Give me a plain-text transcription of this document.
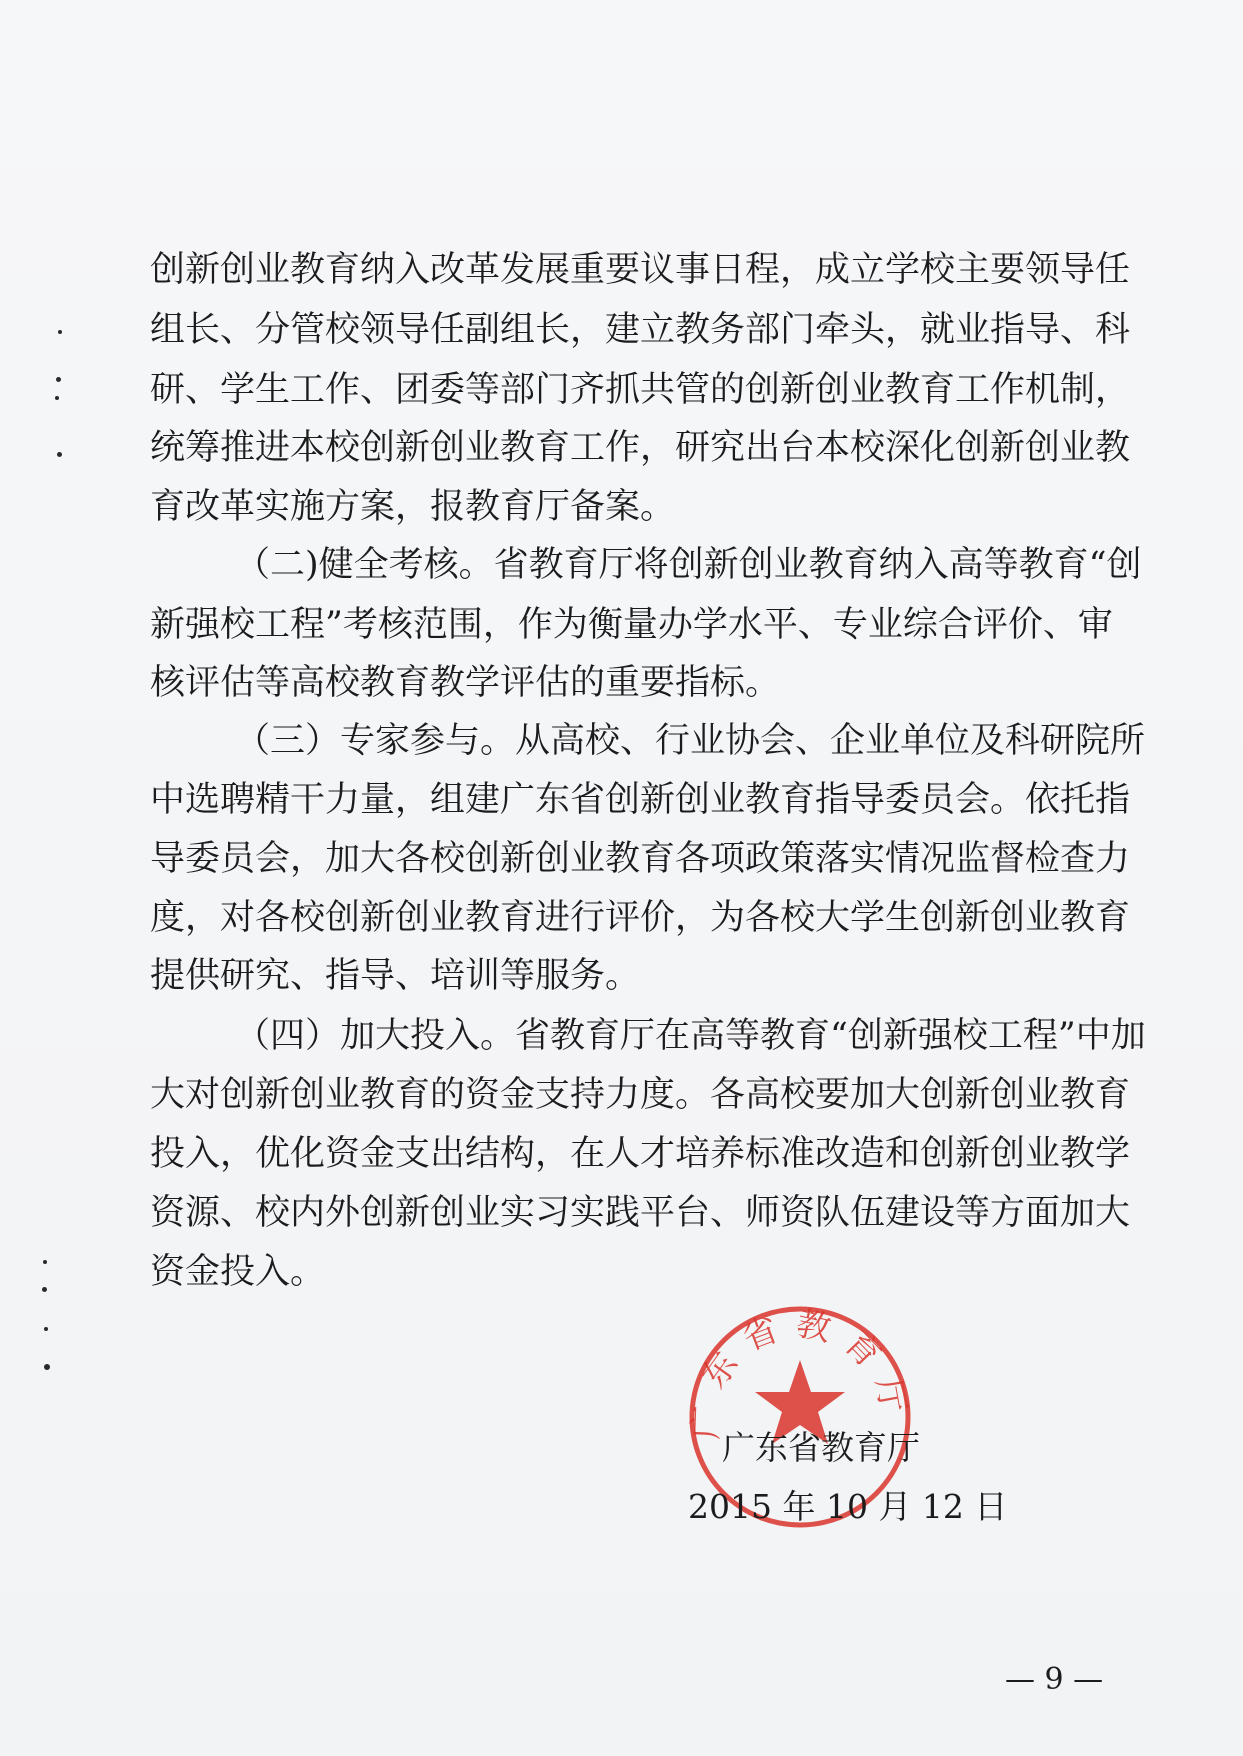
创新创业教育纳入改革发展重要议事日程，成立学校主要领导任
组长、分管校领导任副组长，建立教务部门牵头，就业指导、科
研、学生工作、团委等部门齐抓共管的创新创业教育工作机制，
统筹推进本校创新创业教育工作，研究出台本校深化创新创业教
育改革实施方案，报教育厅备案。
（二)健全考核。省教育厅将创新创业教育纳入高等教育“创
新强校工程”考核范围，作为衡量办学水平、专业综合评价、审
核评估等高校教育教学评估的重要指标。
（三）专家参与。从高校、行业协会、企业单位及科研院所
中选聘精干力量，组建广东省创新创业教育指导委员会。依托指
导委员会，加大各校创新创业教育各项政策落实情况监督检查力
度，对各校创新创业教育进行评价，为各校大学生创新创业教育
提供研究、指导、培训等服务。
（四）加大投入。省教育厅在高等教育“创新强校工程”中加
大对创新创业教育的资金支持力度。各高校要加大创新创业教育
投入，优化资金支出结构，在人才培养标准改造和创新创业教学
资源、校内外创新创业实习实践平台、师资队伍建设等方面加大
资金投入。
广东省教育厅
广东省教育厅
2015 年 10 月 12 日
— 9 —
